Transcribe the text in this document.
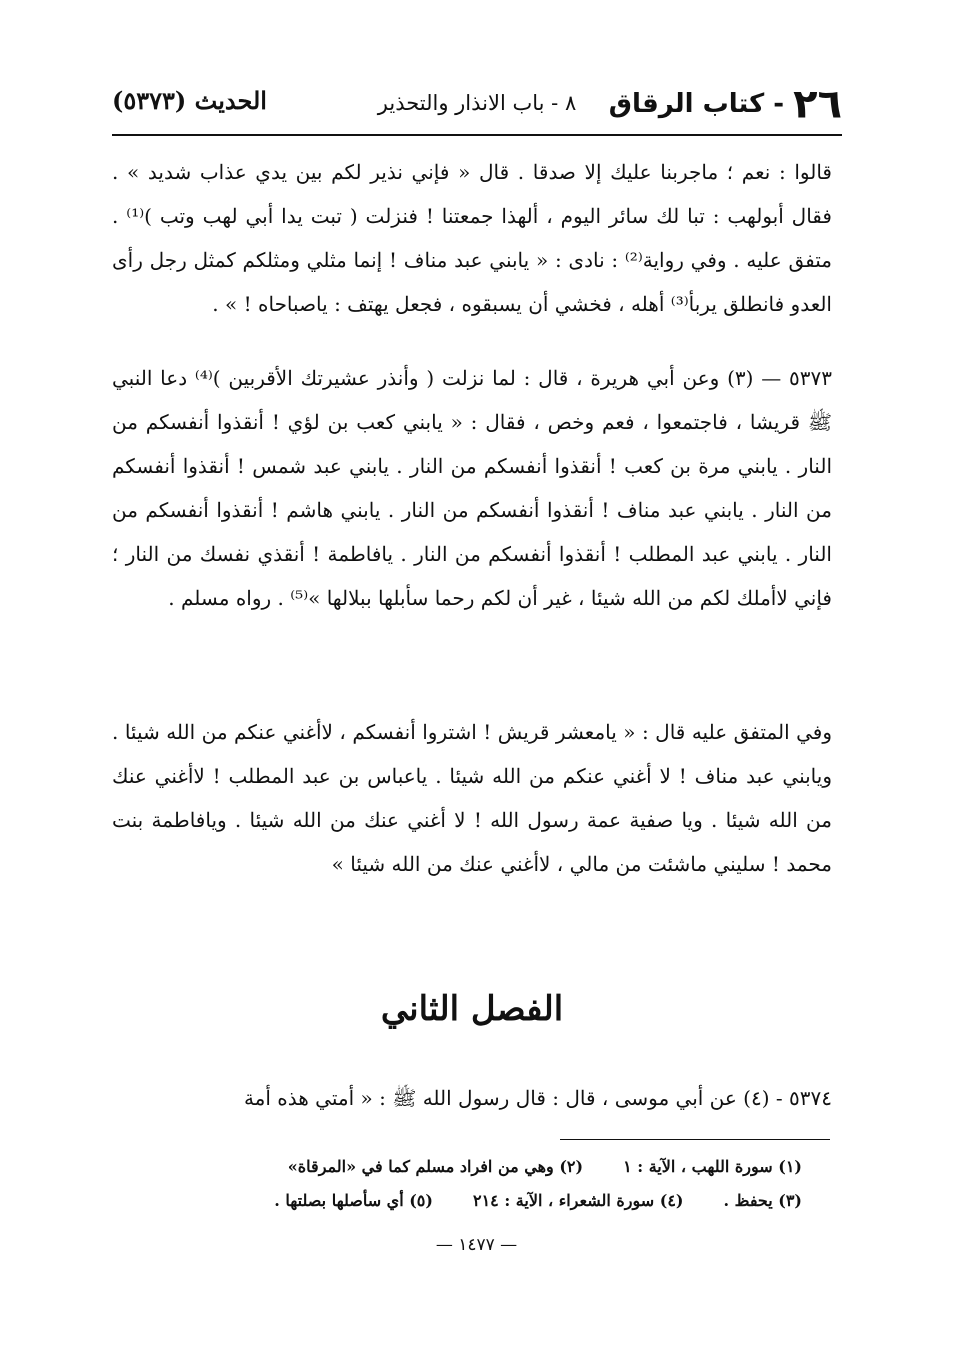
٢٦ - كتاب الرقاق
٨ - باب الانذار والتحذير
الحديث (٥٣٧٣)

قالوا : نعم ؛ ماجربنا عليك إلا صدقا . قال « فإني نذير لكم بين يدي عذاب شديد » . فقال أبولهب : تبا لك سائر اليوم ، ألهذا جمعتنا ! فنزلت ( تبت يدا أبي لهب وتب )⁽¹⁾ . متفق عليه . وفي رواية⁽²⁾ : نادى : « يابني عبد مناف ! إنما مثلي ومثلكم كمثل رجل رأى العدو فانطلق يربأ⁽³⁾ أهله ، فخشي أن يسبقوه ، فجعل يهتف : ياصباحاه ! » .

٥٣٧٣ — (٣) وعن أبي هريرة ، قال : لما نزلت ( وأنذر عشيرتك الأقربين )⁽⁴⁾ دعا النبي ﷺ قريشا ، فاجتمعوا ، فعم وخص ، فقال : « يابني كعب بن لؤي ! أنقذوا أنفسكم من النار . يابني مرة بن كعب ! أنقذوا أنفسكم من النار . يابني عبد شمس ! أنقذوا أنفسكم من النار . يابني عبد مناف ! أنقذوا أنفسكم من النار . يابني هاشم ! أنقذوا أنفسكم من النار . يابني عبد المطلب ! أنقذوا أنفسكم من النار . يافاطمة ! أنقذي نفسك من النار ؛ فإني لاأملك لكم من الله شيئا ، غير أن لكم رحما سأبلها ببلالها »⁽⁵⁾ . رواه مسلم .

وفي المتفق عليه قال : « يامعشر قريش ! اشتروا أنفسكم ، لاأغني عنكم من الله شيئا . ويابني عبد مناف ! لا أغني عنكم من الله شيئا . ياعباس بن عبد المطلب ! لاأغني عنك من الله شيئا . ويا صفية عمة رسول الله ! لا أغني عنك من الله شيئا . ويافاطمة بنت محمد ! سليني ماشئت من مالي ، لاأغني عنك من الله شيئا »

الفصل الثاني

٥٣٧٤ - (٤) عن أبي موسى ، قال : قال رسول الله ﷺ : « أمتي هذه أمة

(١) سورة اللهب ، الآية : ١
(٢) وهي من افراد مسلم كما في «المرقاة»
(٣) يحفظ .
(٤) سورة الشعراء ، الآية : ٢١٤
(٥) أي سأصلها بصلتها .
— ١٤٧٧ —
